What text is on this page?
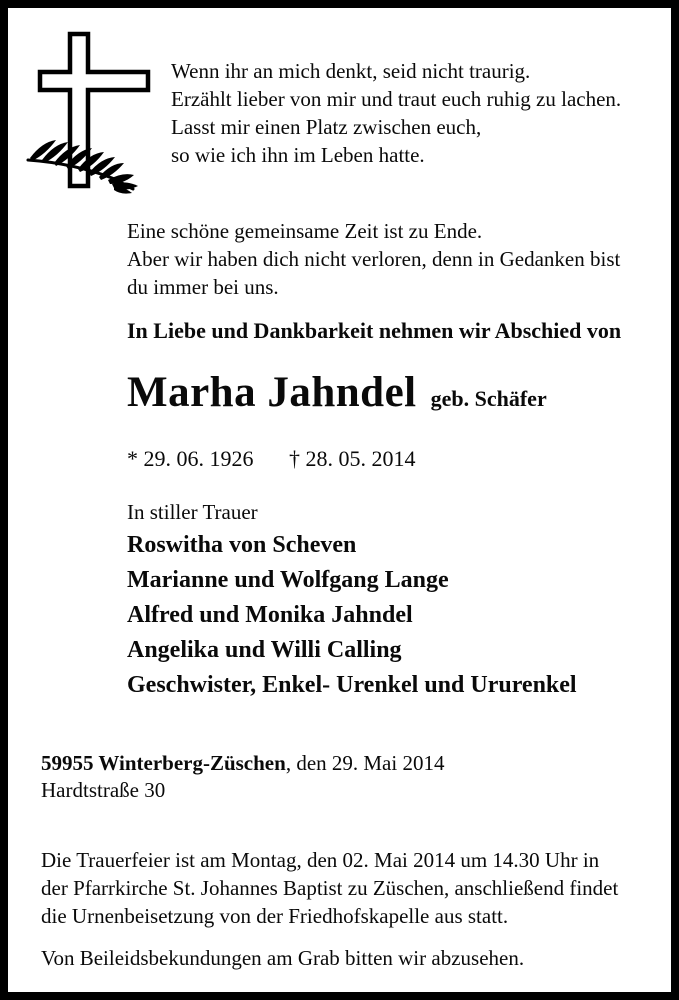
Wenn ihr an mich denkt, seid nicht traurig.
Erzählt lieber von mir und traut euch ruhig zu lachen.
Lasst mir einen Platz zwischen euch,
so wie ich ihn im Leben hatte.
Eine schöne gemeinsame Zeit ist zu Ende.
Aber wir haben dich nicht verloren, denn in Gedanken bist
du immer bei uns.
In Liebe und Dankbarkeit nehmen wir Abschied von
Marha Jahndel geb. Schäfer
* 29. 06. 1926 † 28. 05. 2014
In stiller Trauer
Roswitha von Scheven
Marianne und Wolfgang Lange
Alfred und Monika Jahndel
Angelika und Willi Calling
Geschwister, Enkel- Urenkel und Ururenkel
59955 Winterberg-Züschen, den 29. Mai 2014
Hardtstraße 30
Die Trauerfeier ist am Montag, den 02. Mai 2014 um 14.30 Uhr in
der Pfarrkirche St. Johannes Baptist zu Züschen, anschließend findet
die Urnenbeisetzung von der Friedhofskapelle aus statt.
Von Beileidsbekundungen am Grab bitten wir abzusehen.
